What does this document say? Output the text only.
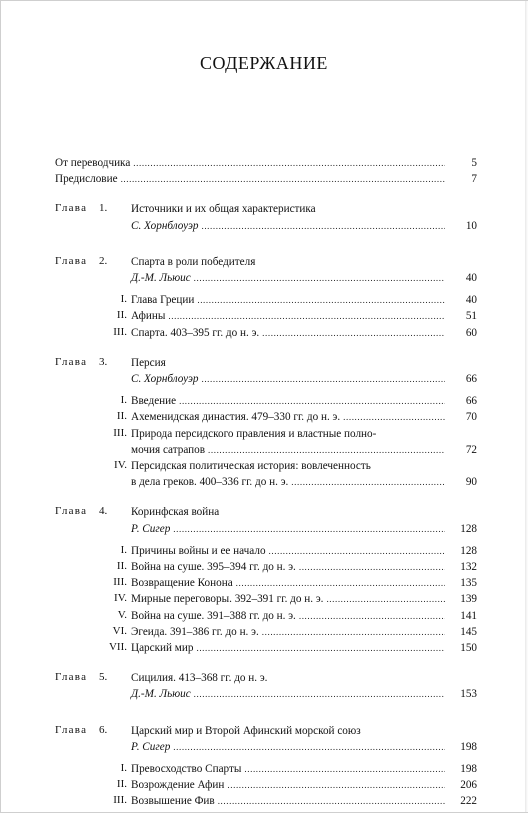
СОДЕРЖАНИЕ
От переводчика .....	5
Предисловие .....	7
Глава 1. Источники и их общая характеристика
С. Хорнблоуэр .....	10
Глава 2. Спарта в роли победителя
Д.-М. Льюис .....	40
I. Глава Греции .....	40
II. Афины .....	51
III. Спарта. 403–395 гг. до н. э. .....	60
Глава 3. Персия
С. Хорнблоуэр .....	66
I. Введение .....	66
II. Ахеменидская династия. 479–330 гг. до н. э. .....	70
III. Природа персидского правления и властные полно-
мочия сатрапов .....	72
IV. Персидская политическая история: вовлеченность
в дела греков. 400–336 гг. до н. э. .....	90
Глава 4. Коринфская война
Р. Сигер .....	128
I. Причины войны и ее начало .....	128
II. Война на суше. 395–394 гг. до н. э. .....	132
III. Возвращение Конона .....	135
IV. Мирные переговоры. 392–391 гг. до н. э. .....	139
V. Война на суше. 391–388 гг. до н. э. .....	141
VI. Эгеида. 391–386 гг. до н. э. .....	145
VII. Царский мир .....	150
Глава 5. Сицилия. 413–368 гг. до н. э.
Д.-М. Льюис .....	153
Глава 6. Царский мир и Второй Афинский морской союз
Р. Сигер .....	198
I. Превосходство Спарты .....	198
II. Возрождение Афин .....	206
III. Возвышение Фив .....	222
